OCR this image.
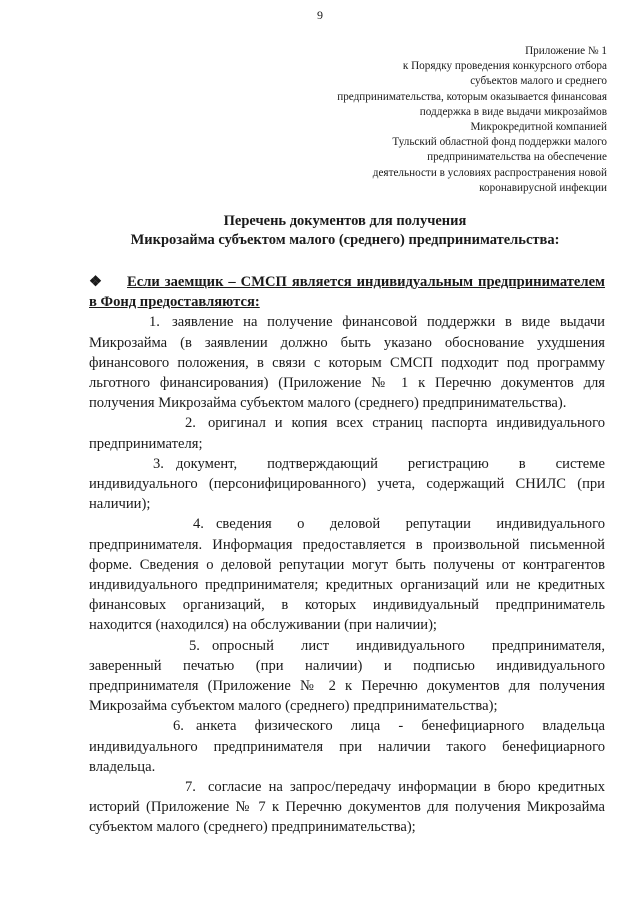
9
Приложение № 1
к Порядку проведения конкурсного отбора
субъектов малого и среднего
предпринимательства, которым оказывается финансовая
поддержка в виде выдачи микрозаймов
Микрокредитной компанией
Тульский областной фонд поддержки малого
предпринимательства на обеспечение
деятельности в условиях распространения новой
коронавирусной инфекции
Перечень документов для получения
Микрозайма субъектом малого (среднего) предпринимательства:
❖ Если заемщик – СМСП является индивидуальным предпринимателем в Фонд предоставляются:
1. заявление на получение финансовой поддержки в виде выдачи Микрозайма (в заявлении должно быть указано обоснование ухудшения финансового положения, в связи с которым СМСП подходит под программу льготного финансирования) (Приложение № 1 к Перечню документов для получения Микрозайма субъектом малого (среднего) предпринимательства).
2. оригинал и копия всех страниц паспорта индивидуального предпринимателя;
3. документ, подтверждающий регистрацию в системе индивидуального (персонифицированного) учета, содержащий СНИЛС (при наличии);
4. сведения о деловой репутации индивидуального предпринимателя. Информация предоставляется в произвольной письменной форме. Сведения о деловой репутации могут быть получены от контрагентов индивидуального предпринимателя; кредитных организаций или не кредитных финансовых организаций, в которых индивидуальный предприниматель находится (находился) на обслуживании (при наличии);
5. опросный лист индивидуального предпринимателя, заверенный печатью (при наличии) и подписью индивидуального предпринимателя (Приложение № 2 к Перечню документов для получения Микрозайма субъектом малого (среднего) предпринимательства);
6. анкета физического лица - бенефициарного владельца индивидуального предпринимателя при наличии такого бенефициарного владельца.
7. согласие на запрос/передачу информации в бюро кредитных историй (Приложение № 7 к Перечню документов для получения Микрозайма субъектом малого (среднего) предпринимательства);
